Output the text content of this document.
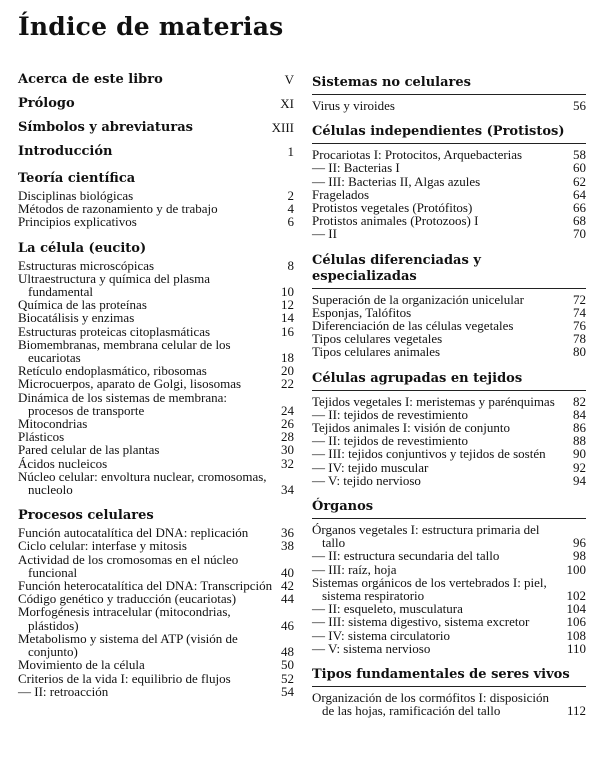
Índice de materias
Acerca de este libro	V
Prólogo	XI
Símbolos y abreviaturas	XIII
Introducción	1
Teoría científica
Disciplinas biológicas	2
Métodos de razonamiento y de trabajo	4
Principios explicativos	6
La célula (eucito)
Estructuras microscópicas	8
Ultraestructura y química del plasma fundamental	10
Química de las proteínas	12
Biocatálisis y enzimas	14
Estructuras proteicas citoplasmáticas	16
Biomembranas, membrana celular de los eucariotas	18
Retículo endoplasmático, ribosomas	20
Microcuerpos, aparato de Golgi, lisosomas	22
Dinámica de los sistemas de membrana: procesos de transporte	24
Mitocondrias	26
Plásticos	28
Pared celular de las plantas	30
Ácidos nucleicos	32
Núcleo celular: envoltura nuclear, cromosomas, nucleolo	34
Procesos celulares
Función autocatalítica del DNA: replicación	36
Ciclo celular: interfase y mitosis	38
Actividad de los cromosomas en el núcleo funcional	40
Función heterocatalítica del DNA: Transcripción 42
Código genético y traducción (eucariotas)	44
Morfogénesis intracelular (mitocondrias, plástidos)	46
Metabolismo y sistema del ATP (visión de conjunto)	48
Movimiento de la célula	50
Criterios de la vida I: equilibrio de flujos	52
— II: retroacción	54
Sistemas no celulares
Virus y viroides	56
Células independientes (Protistos)
Procariotas I: Protocitos, Arquebacterias	58
— II: Bacterias I	60
— III: Bacterias II, Algas azules	62
Fragelados	64
Protistos vegetales (Protófitos)	66
Protistos animales (Protozoos) I	68
— II	70
Células diferenciadas y especializadas
Superación de la organización unicelular	72
Esponjas, Talófitos	74
Diferenciación de las células vegetales	76
Tipos celulares vegetales	78
Tipos celulares animales	80
Células agrupadas en tejidos
Tejidos vegetales I: meristemas y parénquimas	82
— II: tejidos de revestimiento	84
Tejidos animales I: visión de conjunto	86
— II: tejidos de revestimiento	88
— III: tejidos conjuntivos y tejidos de sostén	90
— IV: tejido muscular	92
— V: tejido nervioso	94
Órganos
Órganos vegetales I: estructura primaria del tallo	96
— II: estructura secundaria del tallo	98
— III: raíz, hoja	100
Sistemas orgánicos de los vertebrados I: piel, sistema respiratorio	102
— II: esqueleto, musculatura	104
— III: sistema digestivo, sistema excretor	106
— IV: sistema circulatorio	108
— V: sistema nervioso	110
Tipos fundamentales de seres vivos
Organización de los cormófitos I: disposición de las hojas, ramificación del tallo	112
